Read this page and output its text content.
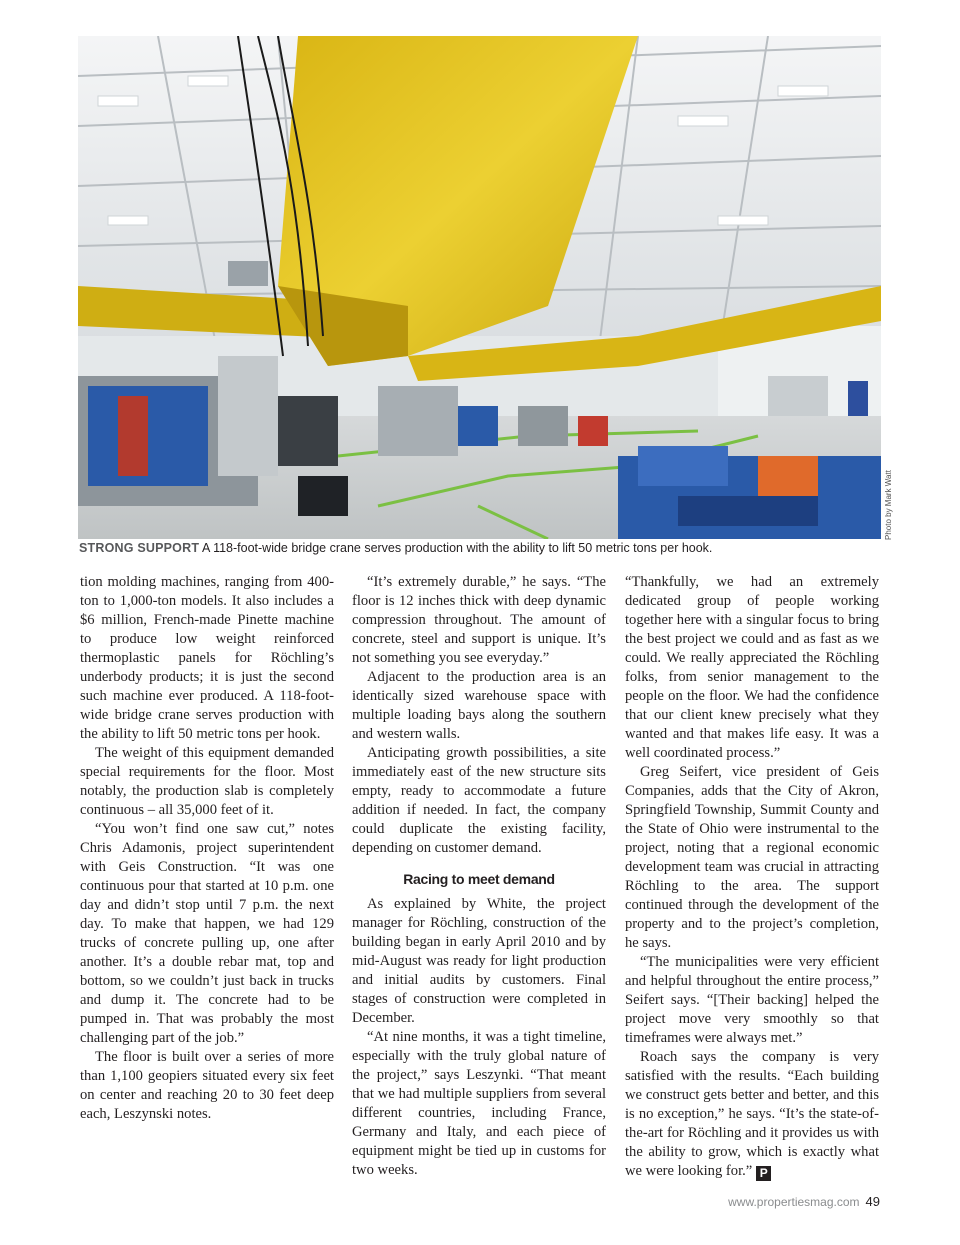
Photo by Mark Watt
STRONG SUPPORT A 118-foot-wide bridge crane serves production with the ability to lift 50 metric tons per hook.

tion molding machines, ranging from 400-ton to 1,000-ton models. It also includes a $6 million, French-made Pinette machine to produce low weight reinforced thermoplastic panels for Röchling’s underbody products; it is just the second such machine ever produced. A 118-foot-wide bridge crane serves production with the ability to lift 50 metric tons per hook.

The weight of this equipment demanded special requirements for the floor. Most notably, the production slab is completely continuous – all 35,000 feet of it.

“You won’t find one saw cut,” notes Chris Adamonis, project superintendent with Geis Construction. “It was one continuous pour that started at 10 p.m. one day and didn’t stop until 7 p.m. the next day. To make that happen, we had 129 trucks of concrete pulling up, one after another. It’s a double rebar mat, top and bottom, so we couldn’t just back in trucks and dump it. The concrete had to be pumped in. That was probably the most challenging part of the job.”

The floor is built over a series of more than 1,100 geopiers situated every six feet on center and reaching 20 to 30 feet deep each, Leszynski notes.

“It’s extremely durable,” he says. “The floor is 12 inches thick with deep dynamic compression throughout. The amount of concrete, steel and support is unique. It’s not something you see everyday.”

Adjacent to the production area is an identically sized warehouse space with multiple loading bays along the southern and western walls.

Anticipating growth possibilities, a site immediately east of the new structure sits empty, ready to accommodate a future addition if needed. In fact, the company could duplicate the existing facility, depending on customer demand.

Racing to meet demand

As explained by White, the project manager for Röchling, construction of the building began in early April 2010 and by mid-August was ready for light production and initial audits by customers. Final stages of construction were completed in December.

“At nine months, it was a tight timeline, especially with the truly global nature of the project,” says Leszynki. “That meant that we had multiple suppliers from several different countries, including France, Germany and Italy, and each piece of equipment might be tied up in customs for two weeks.

“Thankfully, we had an extremely dedicated group of people working together here with a singular focus to bring the best project we could and as fast as we could. We really appreciated the Röchling folks, from senior management to the people on the floor. We had the confidence that our client knew precisely what they wanted and that makes life easy. It was a well coordinated process.”

Greg Seifert, vice president of Geis Companies, adds that the City of Akron, Springfield Township, Summit County and the State of Ohio were instrumental to the project, noting that a regional economic development team was crucial in attracting Röchling to the area. The support continued through the development of the property and to the project’s completion, he says.

“The municipalities were very efficient and helpful throughout the entire process,” Seifert says. “[Their backing] helped the project move very smoothly so that timeframes were always met.”

Roach says the company is very satisfied with the results. “Each building we construct gets better and better, and this is no exception,” he says. “It’s the state-of-the-art for Röchling and it provides us with the ability to grow, which is exactly what we were looking for.” P

www.propertiesmag.com 49
